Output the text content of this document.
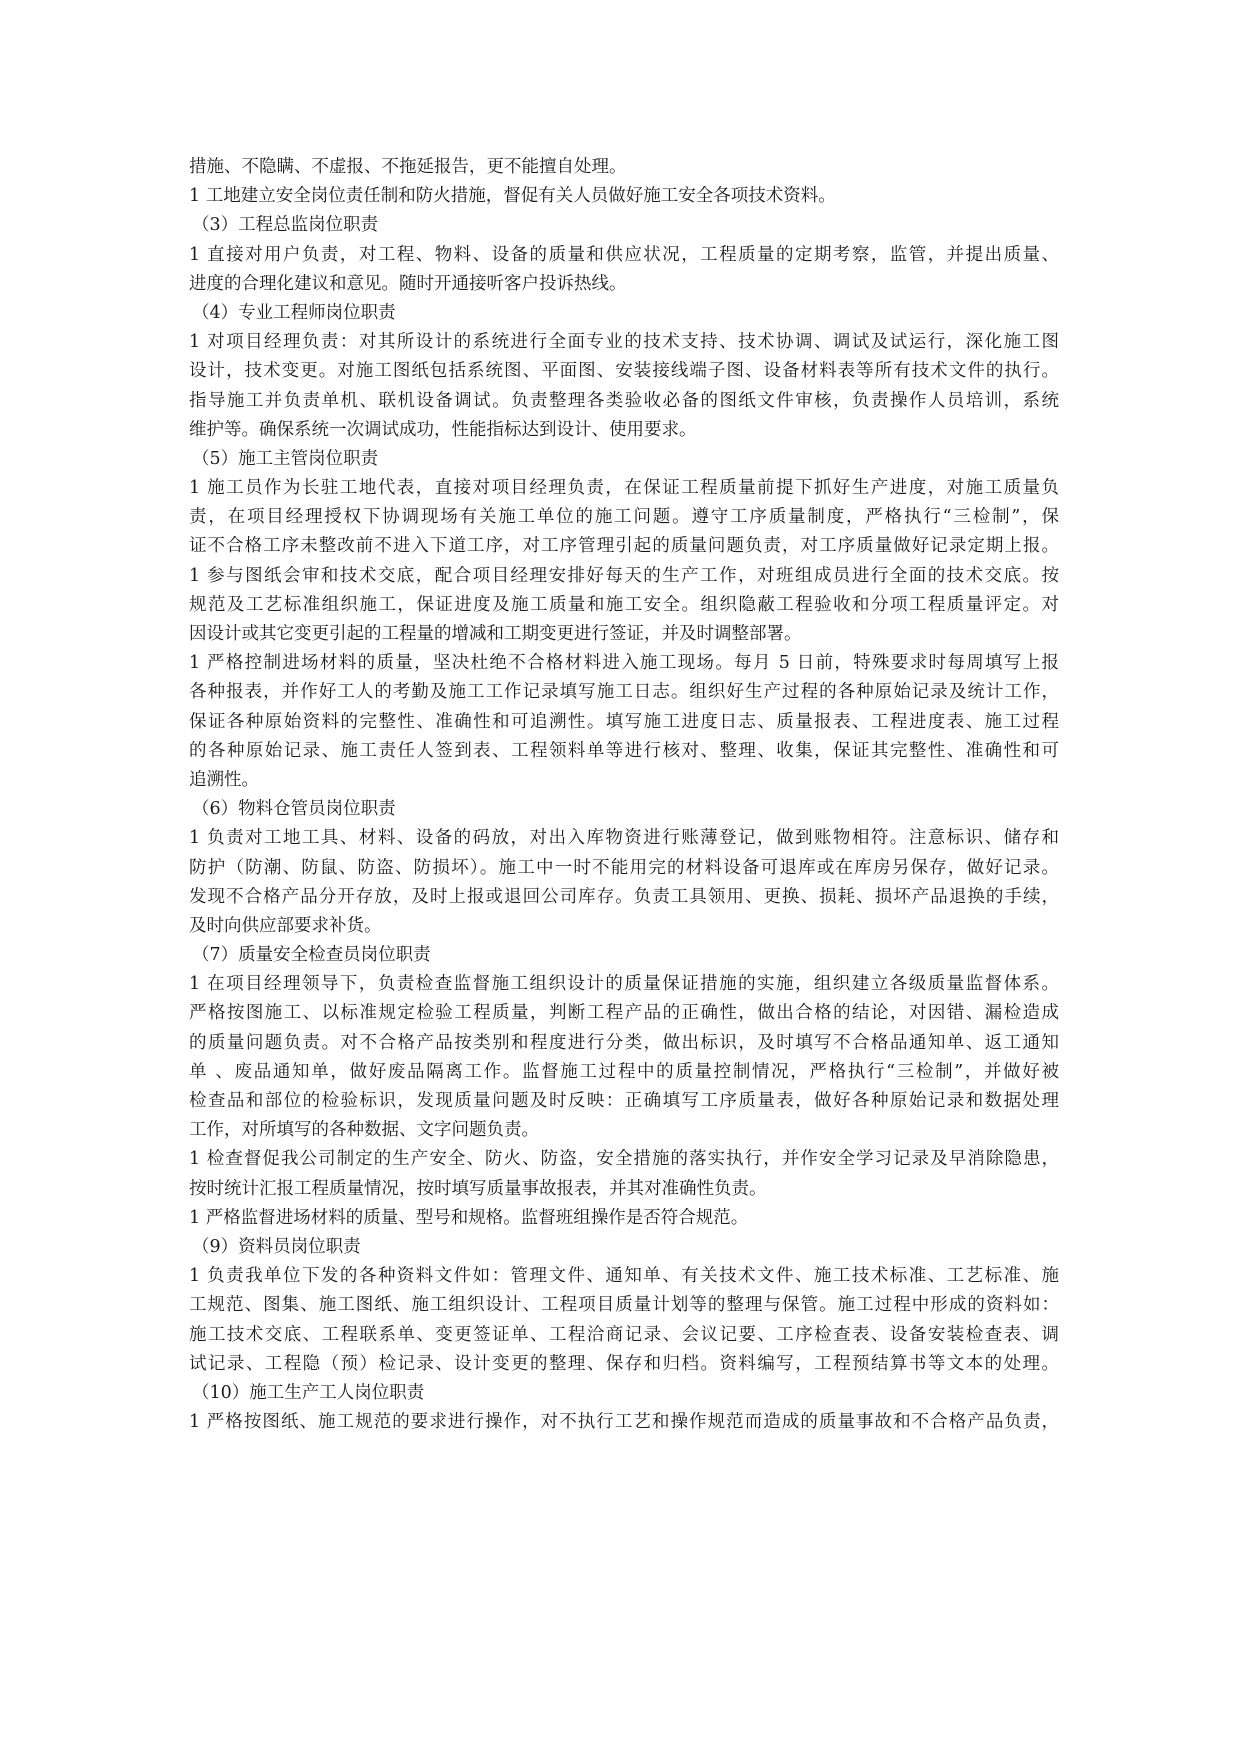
措施、不隐瞒、不虚报、不拖延报告，更不能擅自处理。

1 工地建立安全岗位责任制和防火措施，督促有关人员做好施工安全各项技术资料。

（3）工程总监岗位职责

1 直接对用户负责，对工程、物料、设备的质量和供应状况，工程质量的定期考察，监管，并提出质量、

进度的合理化建议和意见。随时开通接听客户投诉热线。

（4）专业工程师岗位职责

1 对项目经理负责：对其所设计的系统进行全面专业的技术支持、技术协调、调试及试运行，深化施工图

设计，技术变更。对施工图纸包括系统图、平面图、安装接线端子图、设备材料表等所有技术文件的执行。

指导施工并负责单机、联机设备调试。负责整理各类验收必备的图纸文件审核，负责操作人员培训，系统

维护等。确保系统一次调试成功，性能指标达到设计、使用要求。

（5）施工主管岗位职责

1 施工员作为长驻工地代表，直接对项目经理负责，在保证工程质量前提下抓好生产进度，对施工质量负

责，在项目经理授权下协调现场有关施工单位的施工问题。遵守工序质量制度，严格执行“三检制”，保

证不合格工序未整改前不进入下道工序，对工序管理引起的质量问题负责，对工序质量做好记录定期上报。

1 参与图纸会审和技术交底，配合项目经理安排好每天的生产工作，对班组成员进行全面的技术交底。按

规范及工艺标准组织施工，保证进度及施工质量和施工安全。组织隐蔽工程验收和分项工程质量评定。对

因设计或其它变更引起的工程量的增减和工期变更进行签证，并及时调整部署。

1 严格控制进场材料的质量，坚决杜绝不合格材料进入施工现场。每月 5 日前，特殊要求时每周填写上报

各种报表，并作好工人的考勤及施工工作记录填写施工日志。组织好生产过程的各种原始记录及统计工作，

保证各种原始资料的完整性、准确性和可追溯性。填写施工进度日志、质量报表、工程进度表、施工过程

的各种原始记录、施工责任人签到表、工程领料单等进行核对、整理、收集，保证其完整性、准确性和可

追溯性。

（6）物料仓管员岗位职责

1 负责对工地工具、材料、设备的码放，对出入库物资进行账薄登记，做到账物相符。注意标识、储存和

防护（防潮、防鼠、防盗、防损坏）。施工中一时不能用完的材料设备可退库或在库房另保存，做好记录。

发现不合格产品分开存放，及时上报或退回公司库存。负责工具领用、更换、损耗、损坏产品退换的手续，

及时向供应部要求补货。

（7）质量安全检查员岗位职责

1 在项目经理领导下，负责检查监督施工组织设计的质量保证措施的实施，组织建立各级质量监督体系。

严格按图施工、以标准规定检验工程质量，判断工程产品的正确性，做出合格的结论，对因错、漏检造成

的质量问题负责。对不合格产品按类别和程度进行分类，做出标识，及时填写不合格品通知单、返工通知

单 、废品通知单，做好废品隔离工作。监督施工过程中的质量控制情况，严格执行“三检制”，并做好被

检查品和部位的检验标识，发现质量问题及时反映：正确填写工序质量表，做好各种原始记录和数据处理

工作，对所填写的各种数据、文字问题负责。

1 检查督促我公司制定的生产安全、防火、防盗，安全措施的落实执行，并作安全学习记录及早消除隐患，

按时统计汇报工程质量情况，按时填写质量事故报表，并其对准确性负责。

1 严格监督进场材料的质量、型号和规格。监督班组操作是否符合规范。

（9）资料员岗位职责

1 负责我单位下发的各种资料文件如：管理文件、通知单、有关技术文件、施工技术标准、工艺标准、施

工规范、图集、施工图纸、施工组织设计、工程项目质量计划等的整理与保管。施工过程中形成的资料如：

施工技术交底、工程联系单、变更签证单、工程洽商记录、会议记要、工序检查表、设备安装检查表、调

试记录、工程隐（预）检记录、设计变更的整理、保存和归档。资料编写，工程预结算书等文本的处理。

（10）施工生产工人岗位职责

1 严格按图纸、施工规范的要求进行操作，对不执行工艺和操作规范而造成的质量事故和不合格产品负责，
